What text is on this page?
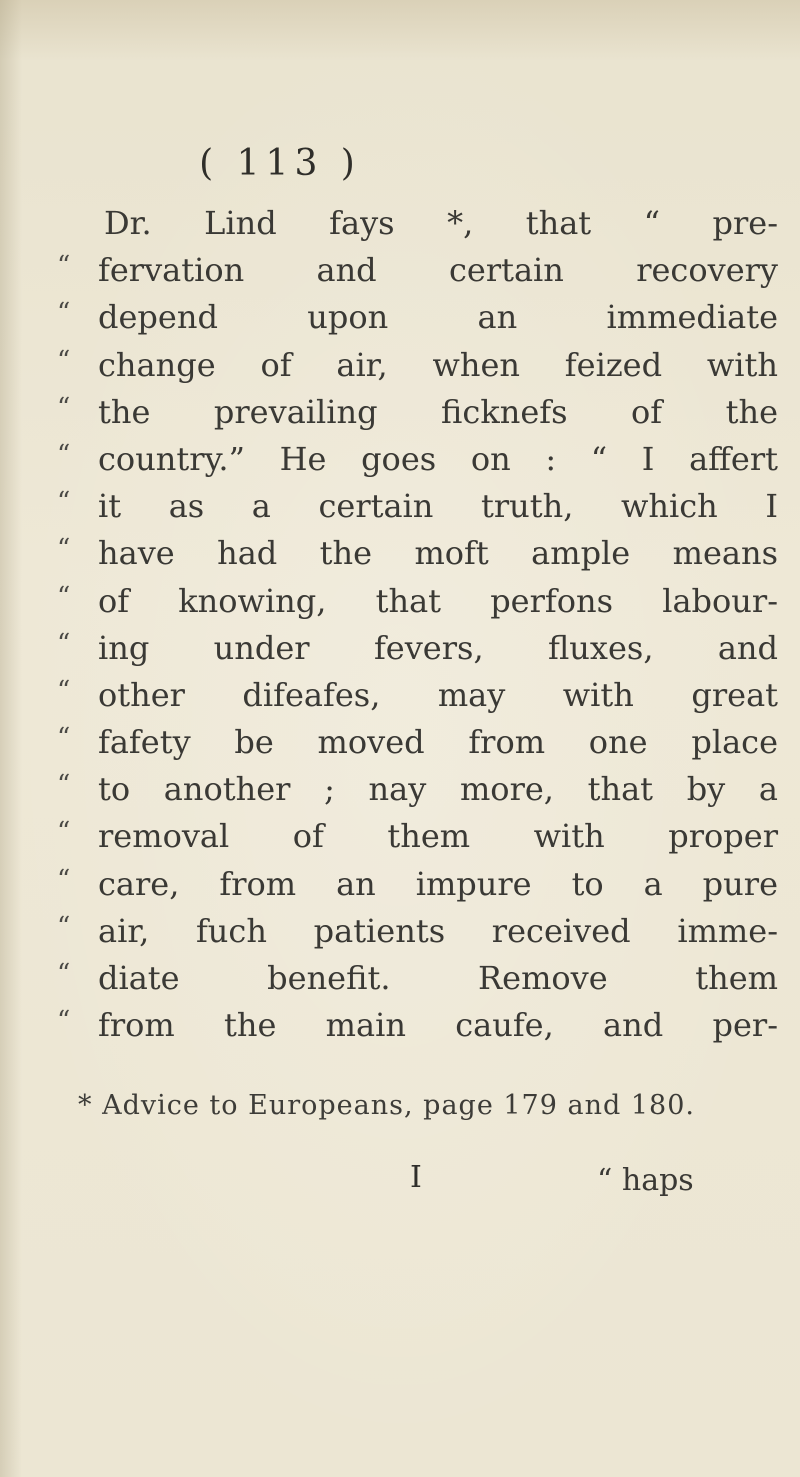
( 113 )
Dr. Lind fays *, that “ pre-
“ fervation and certain recovery
“ depend upon an immediate
“ change of air, when feized with
“ the prevailing ficknefs of the
“ country.” He goes on : “ I affert
“ it as a certain truth, which I
“ have had the moft ample means
“ of knowing, that perfons labour-
“ ing under fevers, fluxes, and
“ other difeafes, may with great
“ fafety be moved from one place
“ to another ; nay more, that by a
“ removal of them with proper
“ care, from an impure to a pure
“ air, fuch patients received imme-
“ diate benefit. Remove them
“ from the main caufe, and per-
* Advice to Europeans, page 179 and 180.
I	“ haps
